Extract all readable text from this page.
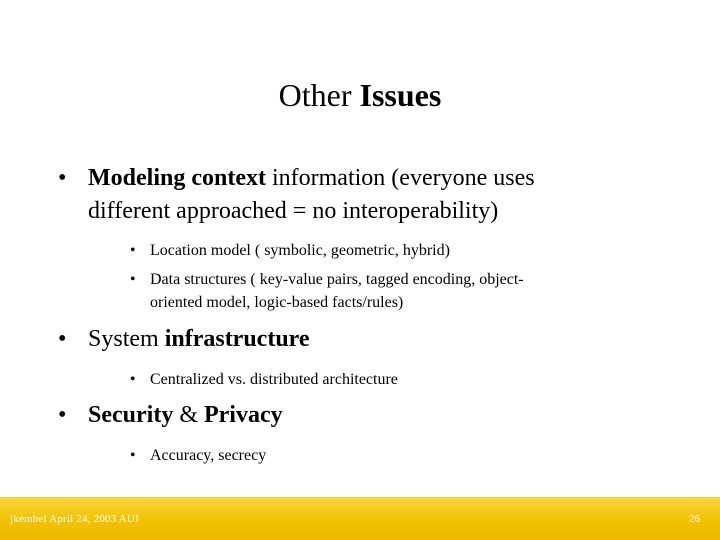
Other Issues
• Modeling context information (everyone uses
different approached = no interoperability)
• Location model ( symbolic, geometric, hybrid)
• Data structures ( key-value pairs, tagged encoding, object-
oriented model, logic-based facts/rules)
• System infrastructure
• Centralized vs. distributed architecture
• Security & Privacy
• Accuracy, secrecy
jkembel April 24, 2003 AUI	26
